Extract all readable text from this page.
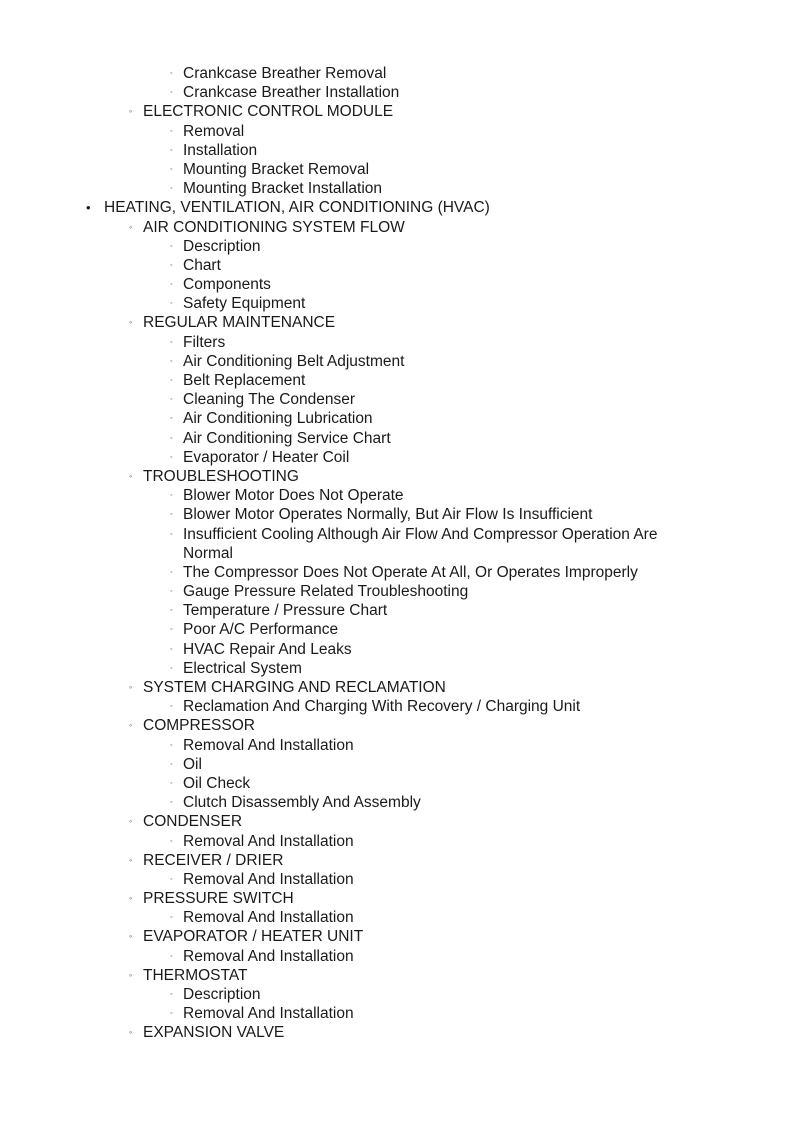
◦ Crankcase Breather Removal
◦ Crankcase Breather Installation
◦ ELECTRONIC CONTROL MODULE
◦ Removal
◦ Installation
◦ Mounting Bracket Removal
◦ Mounting Bracket Installation
• HEATING, VENTILATION, AIR CONDITIONING (HVAC)
◦ AIR CONDITIONING SYSTEM FLOW
◦ Description
◦ Chart
◦ Components
◦ Safety Equipment
◦ REGULAR MAINTENANCE
◦ Filters
◦ Air Conditioning Belt Adjustment
◦ Belt Replacement
◦ Cleaning The Condenser
◦ Air Conditioning Lubrication
◦ Air Conditioning Service Chart
◦ Evaporator / Heater Coil
◦ TROUBLESHOOTING
◦ Blower Motor Does Not Operate
◦ Blower Motor Operates Normally, But Air Flow Is Insufficient
◦ Insufficient Cooling Although Air Flow And Compressor Operation Are Normal
◦ The Compressor Does Not Operate At All, Or Operates Improperly
◦ Gauge Pressure Related Troubleshooting
◦ Temperature / Pressure Chart
◦ Poor A/C Performance
◦ HVAC Repair And Leaks
◦ Electrical System
◦ SYSTEM CHARGING AND RECLAMATION
◦ Reclamation And Charging With Recovery / Charging Unit
◦ COMPRESSOR
◦ Removal And Installation
◦ Oil
◦ Oil Check
◦ Clutch Disassembly And Assembly
◦ CONDENSER
◦ Removal And Installation
◦ RECEIVER / DRIER
◦ Removal And Installation
◦ PRESSURE SWITCH
◦ Removal And Installation
◦ EVAPORATOR / HEATER UNIT
◦ Removal And Installation
◦ THERMOSTAT
◦ Description
◦ Removal And Installation
◦ EXPANSION VALVE
